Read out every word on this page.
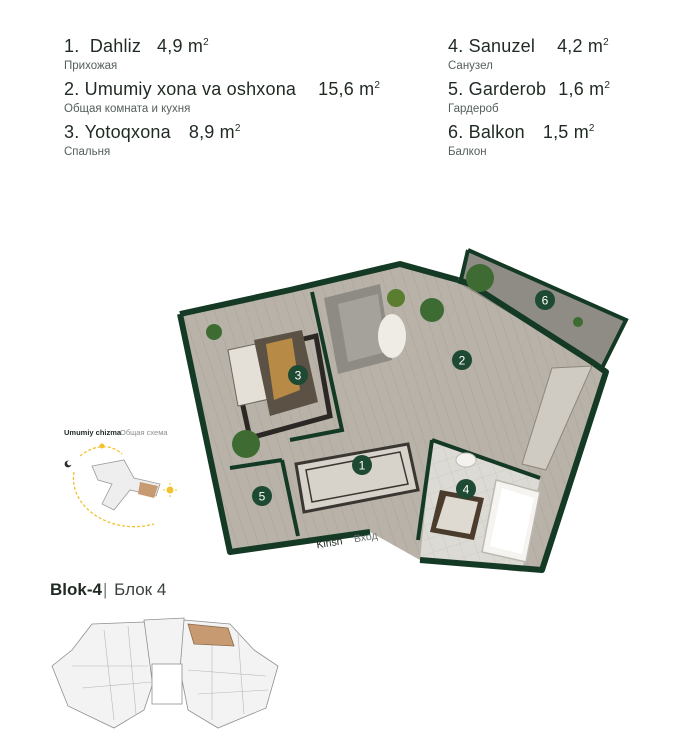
1. Dahliz 4,9 $m^2$
Прихожая
2. Umumiy xona va oshxona 15,6 $m^2$
Общая комната и кухня
3. Yotoqxona 8,9 $m^2$
Спальня
4. Sanuzel 4,2 $m^2$
Санузел
5. Garderob 1,6 $m^2$
Гардероб
6. Balkon 1,5 $m^2$
Балкон
1
2
3
4
5
6
Kirish Вход
Umumiy chizma
Общая схема
Blok-4| Блок 4
